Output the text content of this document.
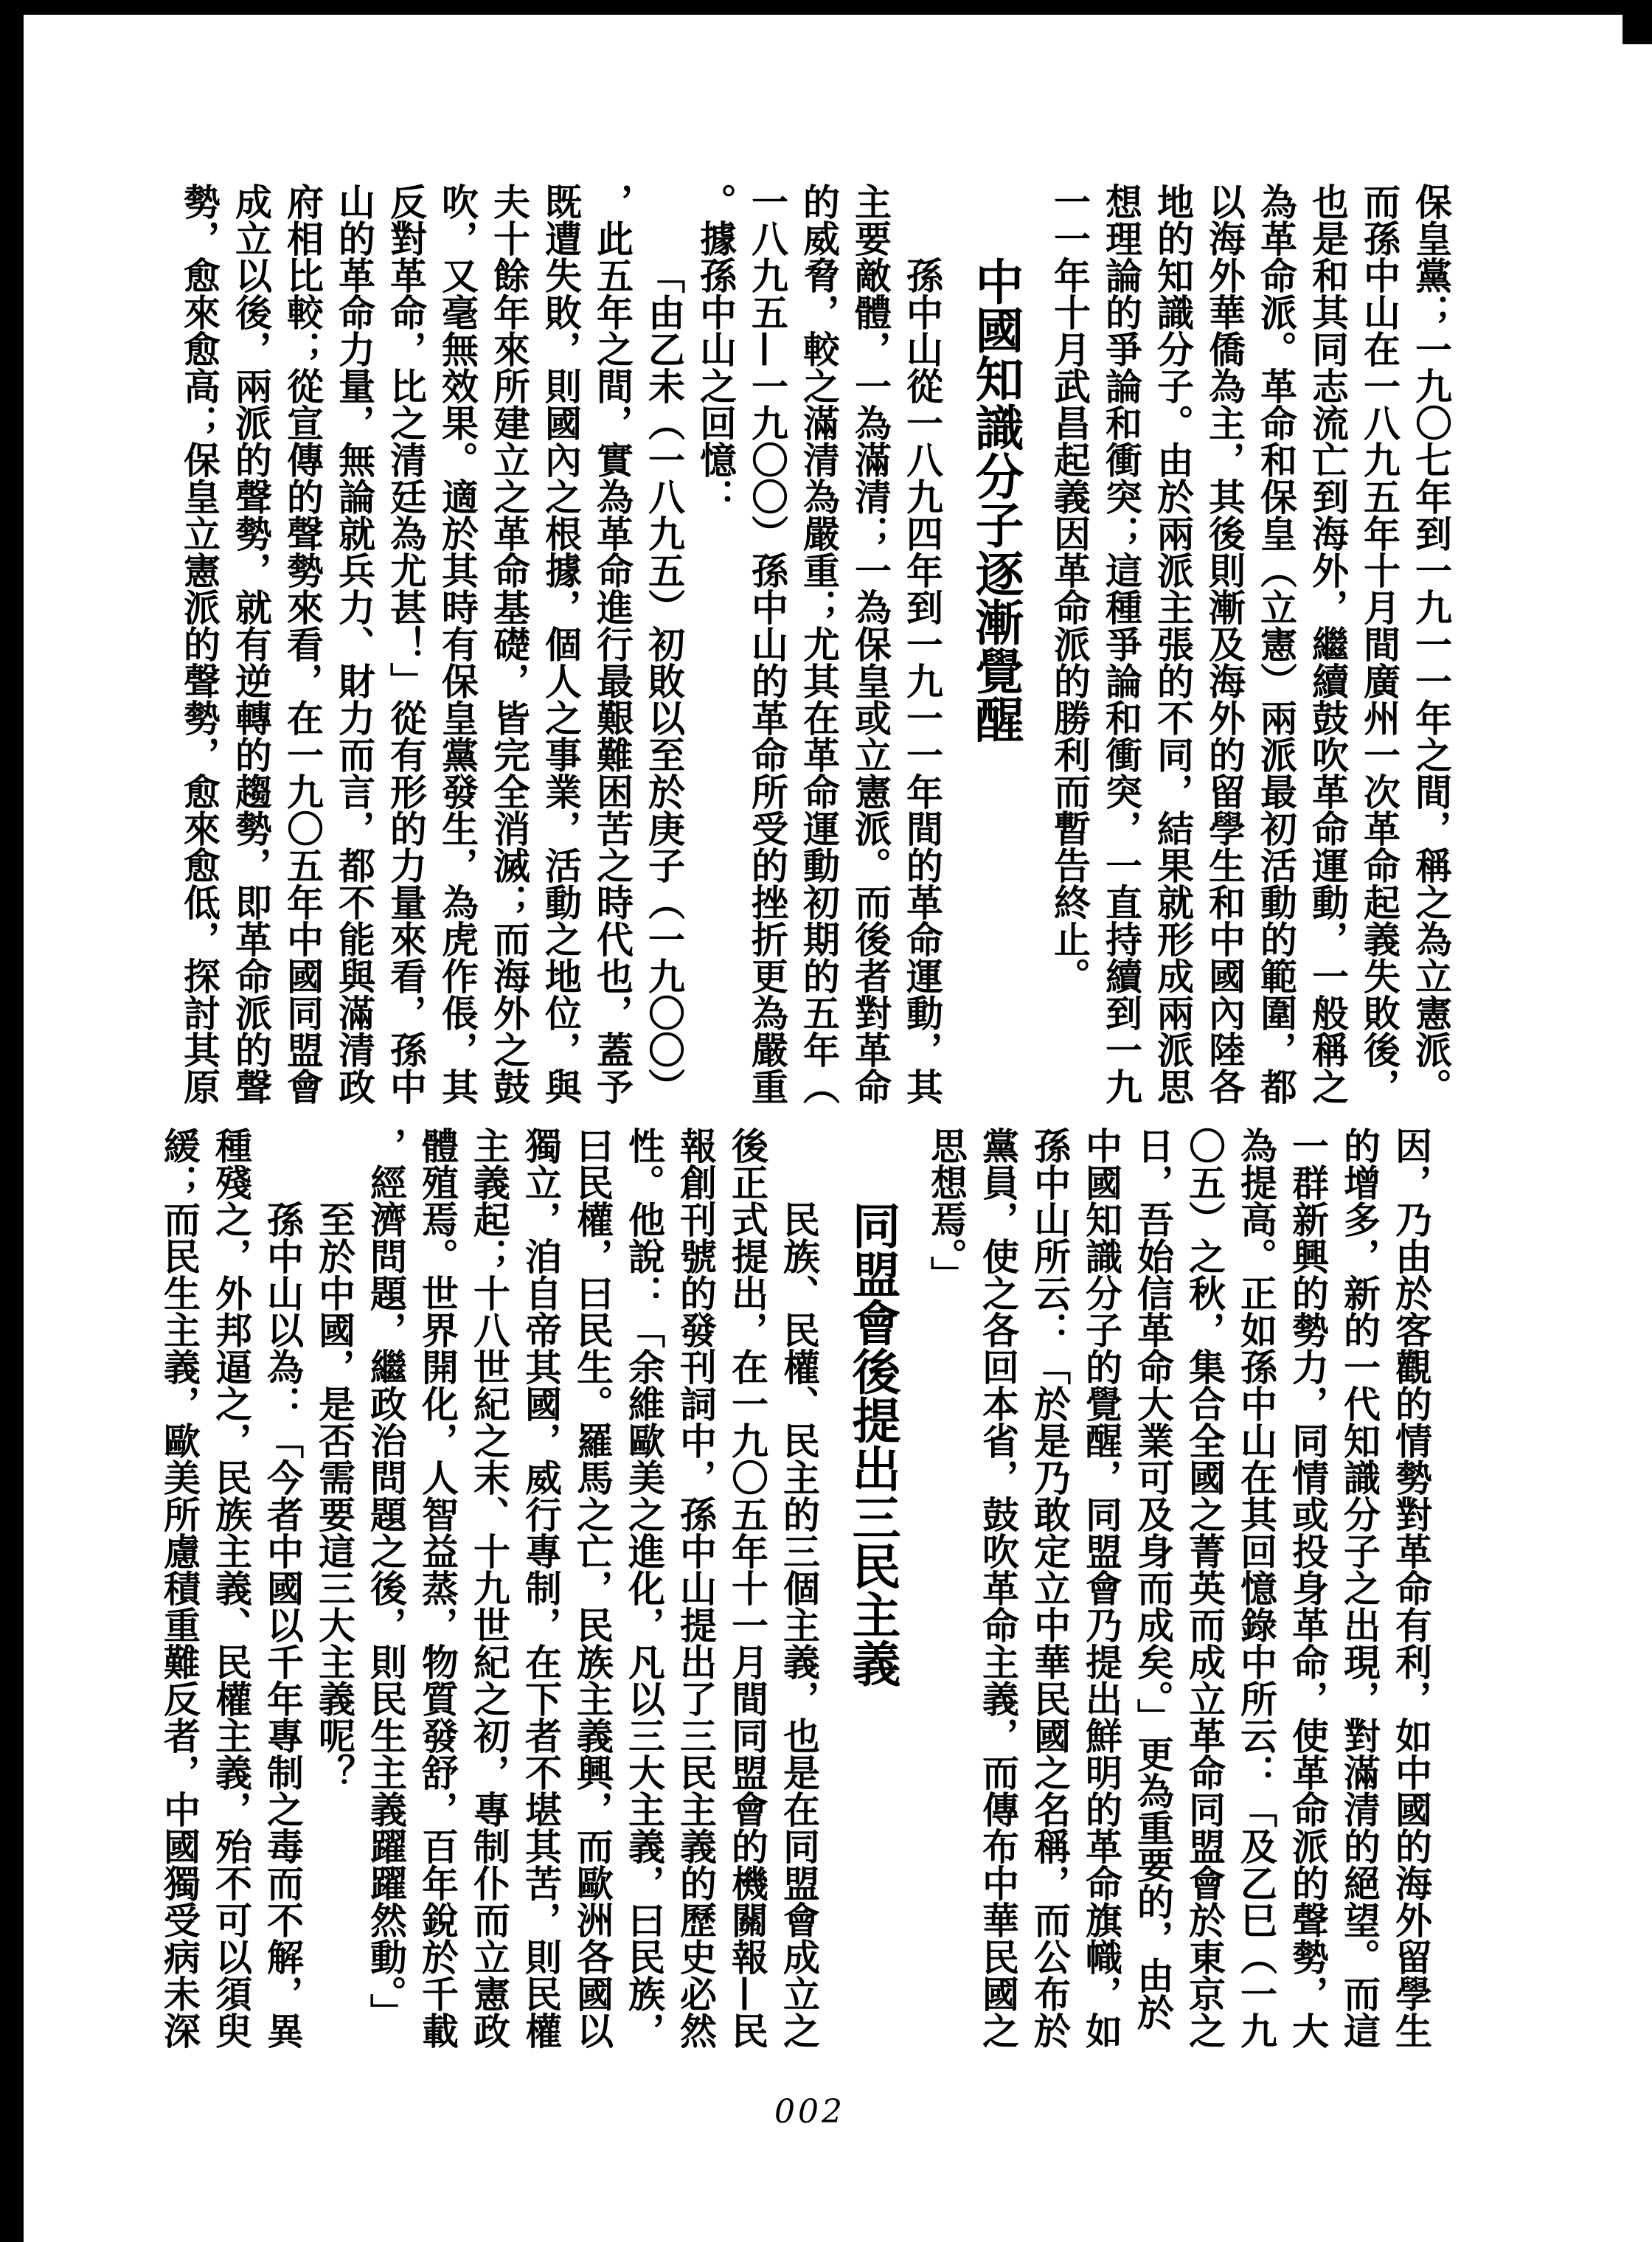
保皇黨；一九〇七年到一九一一年之間，稱之為立憲派。
而孫中山在一八九五年十月間廣州一次革命起義失敗後，
也是和其同志流亡到海外，繼續鼓吹革命運動，一般稱之
為革命派。革命和保皇（立憲）兩派最初活動的範圍，都
以海外華僑為主，其後則漸及海外的留學生和中國內陸各
地的知識分子。由於兩派主張的不同，結果就形成兩派思
想理論的爭論和衝突；這種爭論和衝突，一直持續到一九
一一年十月武昌起義因革命派的勝利而暫告終止。
中國知識分子逐漸覺醒
孫中山從一八九四年到一九一一年間的革命運動，其
主要敵體，一為滿清；一為保皇或立憲派。而後者對革命
的威脅，較之滿清為嚴重；尤其在革命運動初期的五年（
一八九五—一九〇〇）孫中山的革命所受的挫折更為嚴重
。據孫中山之回憶：
「由乙未（一八九五）初敗以至於庚子（一九〇〇）
，此五年之間，實為革命進行最艱難困苦之時代也，蓋予
既遭失敗，則國內之根據，個人之事業，活動之地位，與
夫十餘年來所建立之革命基礎，皆完全消滅；而海外之鼓
吹，又毫無效果。適於其時有保皇黨發生，為虎作倀，其
反對革命，比之清廷為尤甚！」從有形的力量來看，孫中
山的革命力量，無論就兵力、財力而言，都不能與滿清政
府相比較；從宣傳的聲勢來看，在一九〇五年中國同盟會
成立以後，兩派的聲勢，就有逆轉的趨勢，即革命派的聲
勢，愈來愈高；保皇立憲派的聲勢，愈來愈低，探討其原
因，乃由於客觀的情勢對革命有利，如中國的海外留學生
的增多，新的一代知識分子之出現，對滿清的絕望。而這
一群新興的勢力，同情或投身革命，使革命派的聲勢，大
為提高。正如孫中山在其回憶錄中所云：「及乙巳（一九
〇五）之秋，集合全國之菁英而成立革命同盟會於東京之
日，吾始信革命大業可及身而成矣。」更為重要的，由於
中國知識分子的覺醒，同盟會乃提出鮮明的革命旗幟，如
孫中山所云：「於是乃敢定立中華民國之名稱，而公布於
黨員，使之各回本省，鼓吹革命主義，而傳布中華民國之
思想焉。」
同盟會後提出三民主義
民族、民權、民主的三個主義，也是在同盟會成立之
後正式提出，在一九〇五年十一月間同盟會的機關報—民
報創刊號的發刊詞中，孫中山提出了三民主義的歷史必然
性。他說：「余維歐美之進化，凡以三大主義，曰民族，
曰民權，曰民生。羅馬之亡，民族主義興，而歐洲各國以
獨立，洎自帝其國，威行專制，在下者不堪其苦，則民權
主義起；十八世紀之末、十九世紀之初，專制仆而立憲政
體殖焉。世界開化，人智益蒸，物質發舒，百年銳於千載
，經濟問題，繼政治問題之後，則民生主義躍躍然動。」
至於中國，是否需要這三大主義呢？
孫中山以為：「今者中國以千年專制之毒而不解，異
種殘之，外邦逼之，民族主義、民權主義，殆不可以須臾
緩；而民生主義，歐美所慮積重難反者，中國獨受病未深
002
